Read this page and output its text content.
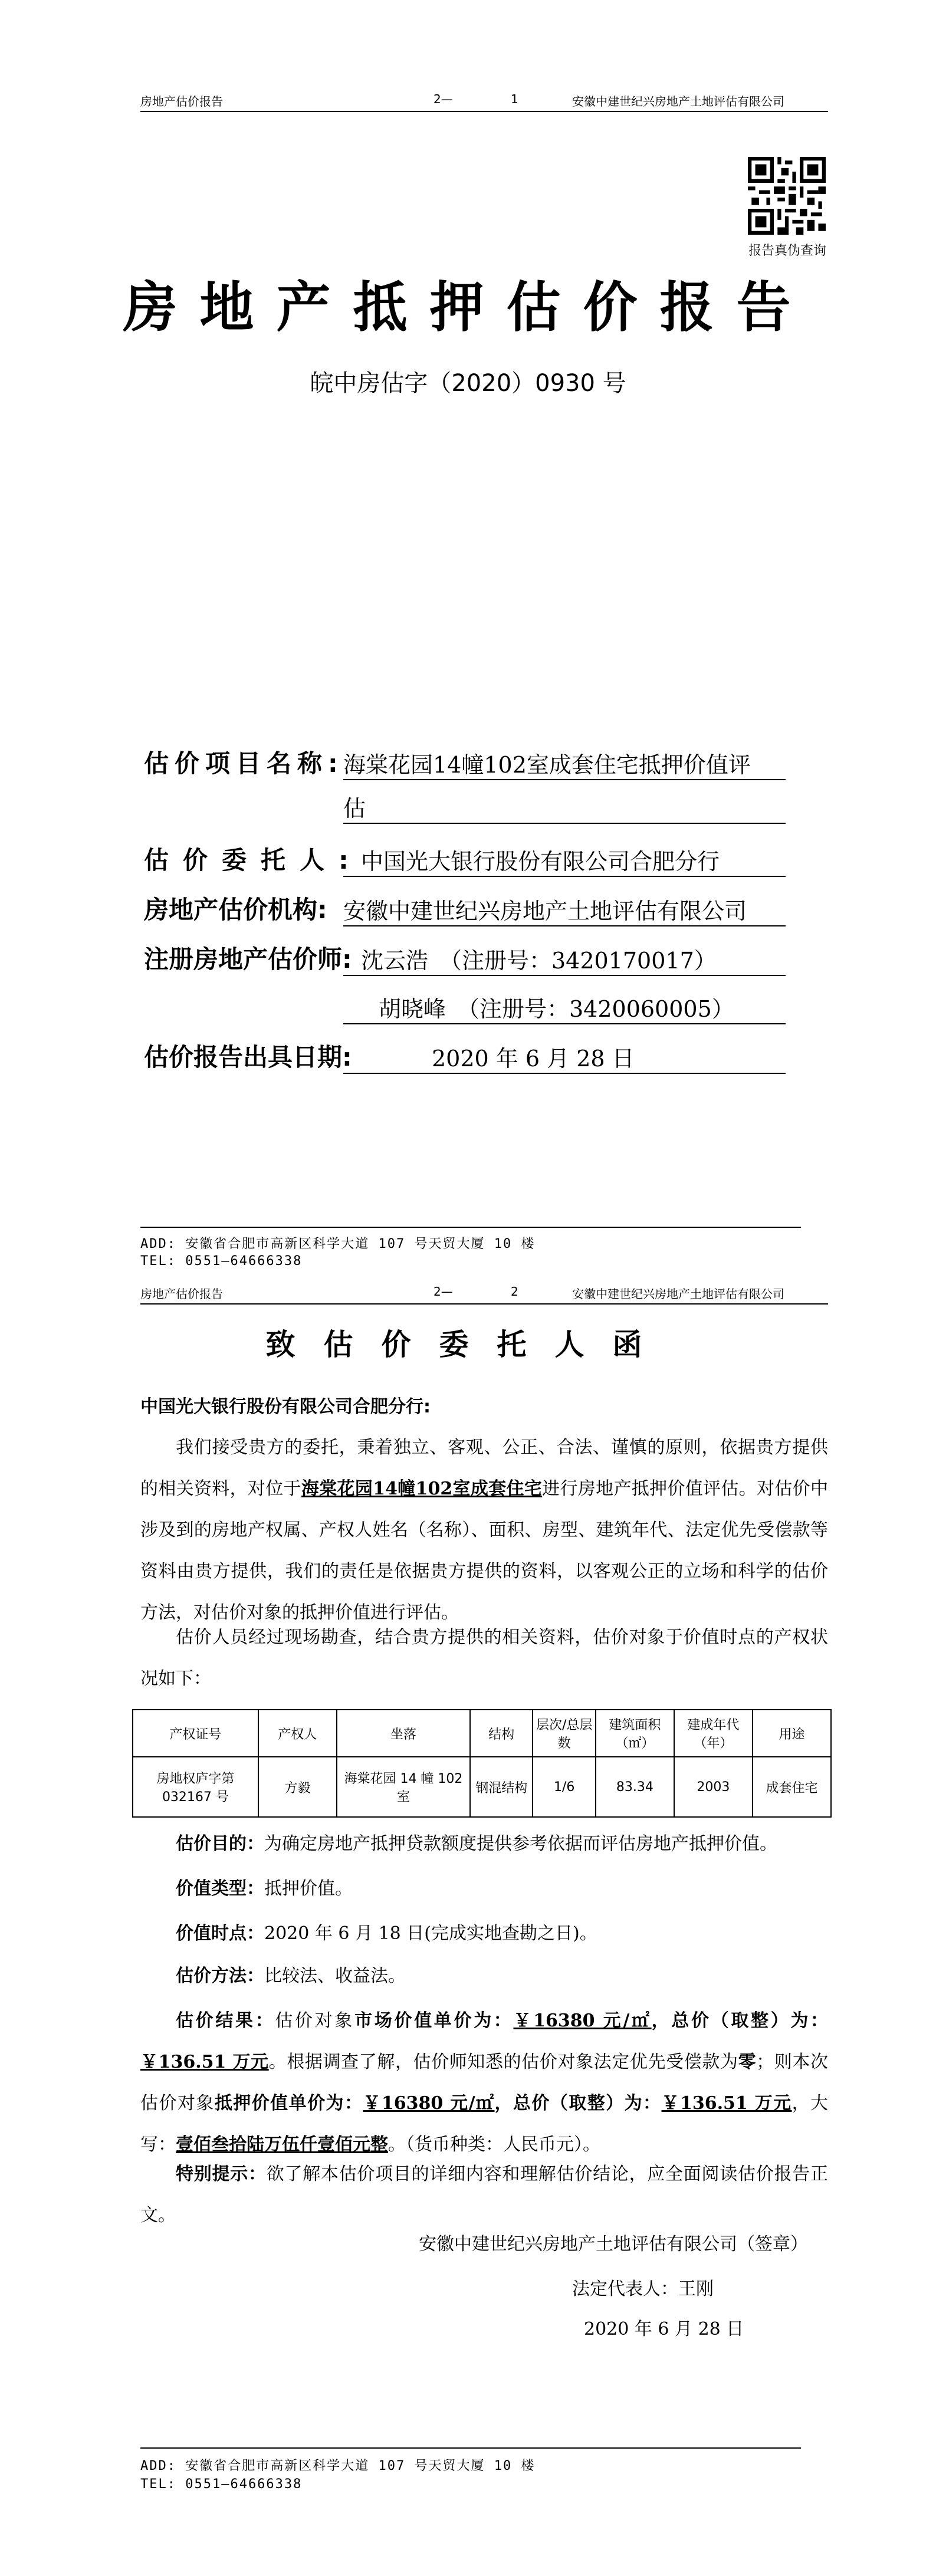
房地产估价报告	2—	1	安徽中建世纪兴房地产土地评估有限公司
报告真伪查询
房地产抵押估价报告
皖中房估字（2020）0930 号
估价项目名称: 海棠花园14幢102室成套住宅抵押价值评
估
估价委托人:
中国光大银行股份有限公司合肥分行
房地产估价机构: 安徽中建世纪兴房地产土地评估有限公司
注册房地产估价师: 沈云浩　（注册号：3420170017）
胡晓峰　（注册号：3420060005）
估价报告出具日期:	2020 年 6 月 28 日
ADD: 安徽省合肥市高新区科学大道 107 号天贸大厦 10 楼
TEL: 0551—64666338
房地产估价报告	2—	2	安徽中建世纪兴房地产土地评估有限公司
致估价委托人函
中国光大银行股份有限公司合肥分行:
我们接受贵方的委托，秉着独立、客观、公正、合法、谨慎的原则，依据贵方提供的相关资料，对位于海棠花园14幢102室成套住宅进行房地产抵押价值评估。对估价中涉及到的房地产权属、产权人姓名（名称）、面积、房型、建筑年代、法定优先受偿款等资料由贵方提供，我们的责任是依据贵方提供的资料，以客观公正的立场和科学的估价方法，对估价对象的抵押价值进行评估。
估价人员经过现场勘查，结合贵方提供的相关资料，估价对象于价值时点的产权状况如下：
产权证号	产权人	坐落	结构	层次/总层数	建筑面积（㎡）	建成年代（年）	用途
房地权庐字第 032167 号	方毅	海棠花园 14 幢 102 室	钢混结构	1/6	83.34	2003	成套住宅
估价目的：为确定房地产抵押贷款额度提供参考依据而评估房地产抵押价值。
价值类型：抵押价值。
价值时点：2020 年 6 月 18 日(完成实地查勘之日)。
估价方法：比较法、收益法。
估价结果：估价对象市场价值单价为：￥16380 元/㎡，总价（取整）为：￥136.51 万元。根据调查了解，估价师知悉的估价对象法定优先受偿款为零；则本次估价对象抵押价值单价为：￥16380 元/㎡，总价（取整）为：￥136.51 万元，大写：壹佰叁拾陆万伍仟壹佰元整。（货币种类：人民币元）。
特别提示：欲了解本估价项目的详细内容和理解估价结论，应全面阅读估价报告正文。
安徽中建世纪兴房地产土地评估有限公司（签章）
法定代表人：王刚
2020 年 6 月 28 日
ADD: 安徽省合肥市高新区科学大道 107 号天贸大厦 10 楼
TEL: 0551—64666338
